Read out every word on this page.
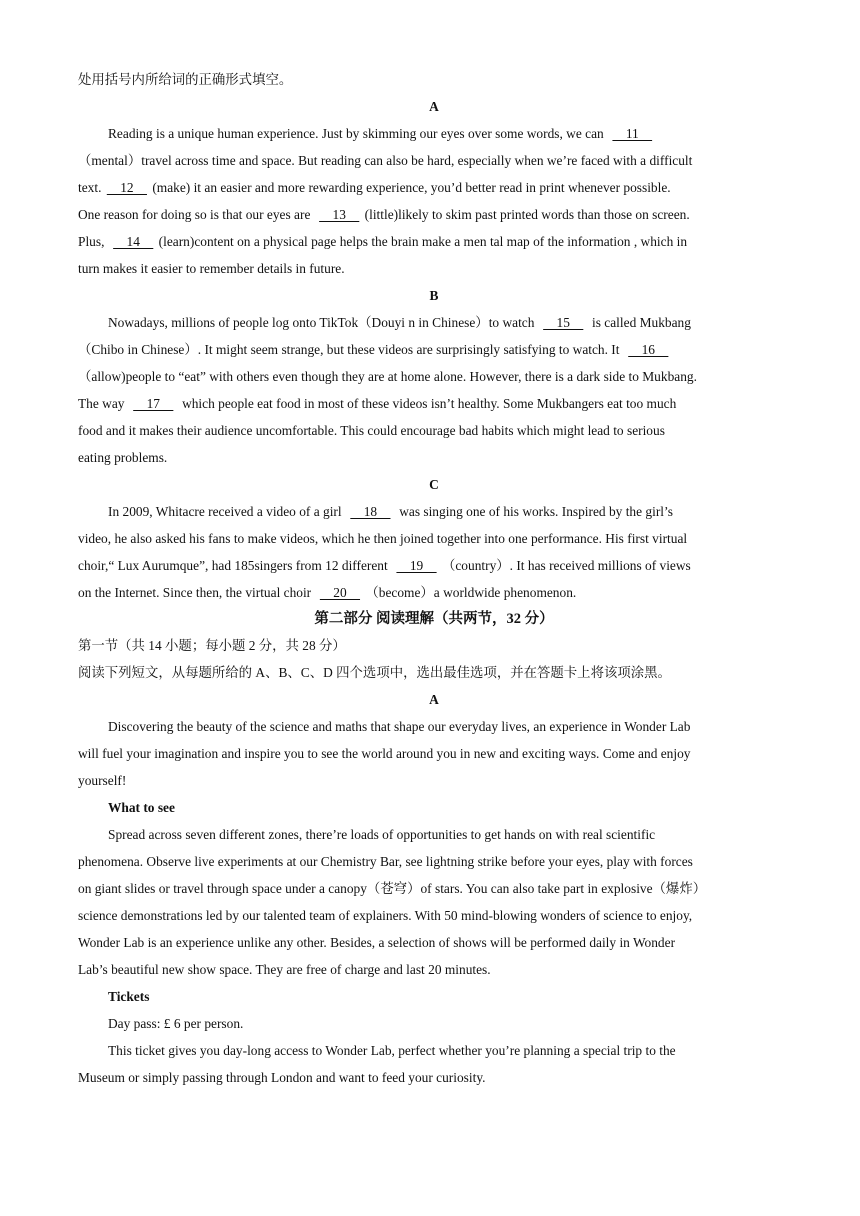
处用括号内所给词的正确形式填空。
A
Reading is a unique human experience. Just by skimming our eyes over some words, we can      11
（mental）travel across time and space. But reading can also be hard, especially when we’re faced with a difficult
text.     12     (make) it an easier and more rewarding experience, you’d better read in print whenever possible.
One reason for doing so is that our eyes are      13     (little)likely to skim past printed words than those on screen.
Plus,      14     (learn)content on a physical page helps the brain make a men tal map of the information , which in
turn makes it easier to remember details in future.
B
Nowadays, millions of people log onto TikTok（Douyi n in Chinese）to watch      15      is called Mukbang
（Chibo in Chinese）. It might seem strange, but these videos are surprisingly satisfying to watch. It      16
（allow)people to “eat” with others even though they are at home alone. However, there is a dark side to Mukbang.
The way      17      which people eat food in most of these videos isn’t healthy. Some Mukbangers eat too much
food and it makes their audience uncomfortable. This could encourage bad habits which might lead to serious
eating problems.
C
In 2009, Whitacre received a video of a girl      18      was singing one of his works. Inspired by the girl’s
video, he also asked his fans to make videos, which he then joined together into one performance. His first virtual
choir,“ Lux Aurumque”, had 185singers from 12 different      19     （country）. It has received millions of views
on the Internet. Since then, the virtual choir      20     （become）a worldwide phenomenon.
第二部分 阅读理解（共两节，32 分）
第一节（共 14 小题；每小题 2 分，共 28 分）
阅读下列短文，从每题所给的 A、B、C、D 四个选项中，选出最佳选项，并在答题卡上将该项涂黑。
A
Discovering the beauty of the science and maths that shape our everyday lives, an experience in Wonder Lab
will fuel your imagination and inspire you to see the world around you in new and exciting ways. Come and enjoy
yourself!
What to see
Spread across seven different zones, there’re loads of opportunities to get hands on with real scientific
phenomena. Observe live experiments at our Chemistry Bar, see lightning strike before your eyes, play with forces
on giant slides or travel through space under a canopy（苍穹）of stars. You can also take part in explosive（爆炸）
science demonstrations led by our talented team of explainers. With 50 mind-blowing wonders of science to enjoy,
Wonder Lab is an experience unlike any other. Besides, a selection of shows will be performed daily in Wonder
Lab’s beautiful new show space. They are free of charge and last 20 minutes.
Tickets
Day pass: £ 6 per person.
This ticket gives you day-long access to Wonder Lab, perfect whether you’re planning a special trip to the
Museum or simply passing through London and want to feed your curiosity.
